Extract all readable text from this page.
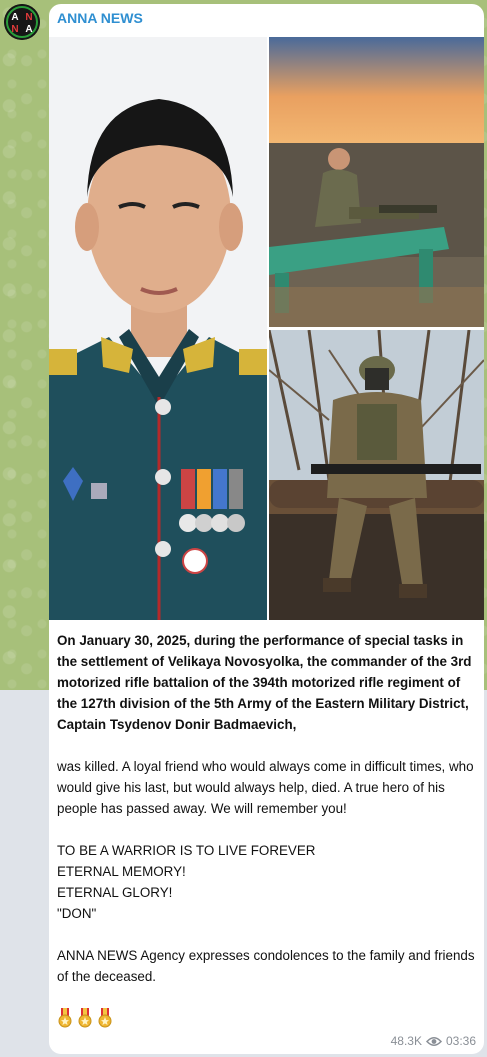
A N
N A
ANNA NEWS
On January 30, 2025, during the performance of special tasks in the settlement of Velikaya Novosyolka, the commander of the 3rd motorized rifle battalion of the 394th motorized rifle regiment of the 127th division of the 5th Army of the Eastern Military District, Captain Tsydenov Donir Badmaevich,
was killed. A loyal friend who would always come in difficult times, who would give his last, but would always help, died. A true hero of his people has passed away. We will remember you!
TO BE A WARRIOR IS TO LIVE FOREVER
ETERNAL MEMORY!
ETERNAL GLORY!
"DON"
ANNA NEWS Agency expresses condolences to the family and friends of the deceased.
48.3K 03:36
